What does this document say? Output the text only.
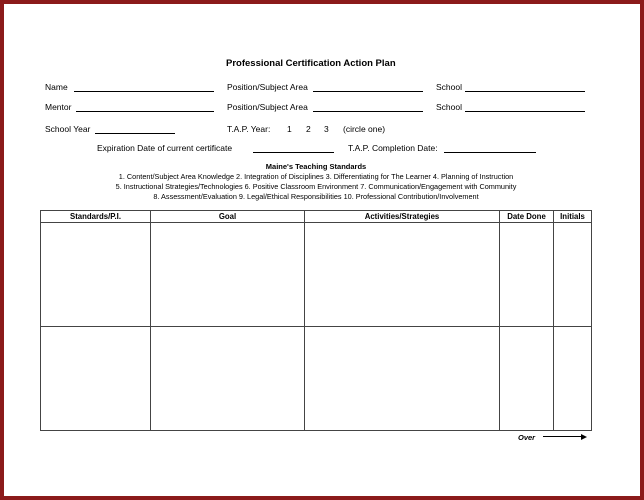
Professional Certification Action Plan
Name	Position/Subject Area	School
Mentor	Position/Subject Area	School
School Year	T.A.P. Year: 1 2 3 (circle one)
Expiration Date of current certificate	T.A.P. Completion Date:
Maine's Teaching Standards
1. Content/Subject Area Knowledge 2. Integration of Disciplines 3. Differentiating for The Learner 4. Planning of Instruction
5. Instructional Strategies/Technologies 6. Positive Classroom Environment 7. Communication/Engagement with Community
8. Assessment/Evaluation 9. Legal/Ethical Responsibilities 10. Professional Contribution/Involvement
Standards/P.I.	Goal	Activities/Strategies	Date Done	Initials

Over
